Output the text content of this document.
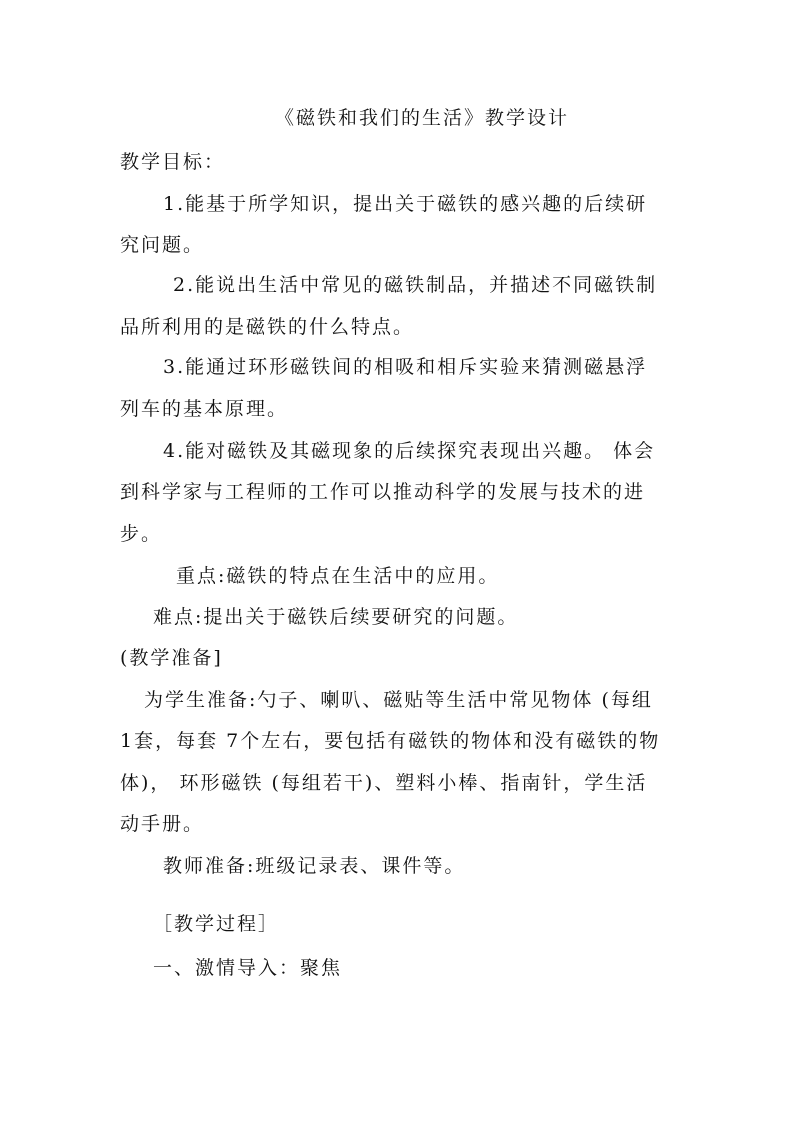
《磁铁和我们的生活》教学设计
教学目标：
1.能基于所学知识，提出关于磁铁的感兴趣的后续研
究问题。
2.能说出生活中常见的磁铁制品，并描述不同磁铁制
品所利用的是磁铁的什么特点。
3.能通过环形磁铁间的相吸和相斥实验来猜测磁悬浮
列车的基本原理。
4.能对磁铁及其磁现象的后续探究表现出兴趣。 体会
到科学家与工程师的工作可以推动科学的发展与技术的进
步。
重点:磁铁的特点在生活中的应用。
难点:提出关于磁铁后续要研究的问题。
(教学准备]
为学生准备:勺子、喇叭、磁贴等生活中常见物体 (每组
1套，每套 7个左右，要包括有磁铁的物体和没有磁铁的物
体)， 环形磁铁 (每组若干)、塑料小棒、指南针，学生活
动手册。
教师准备:班级记录表、课件等。
［教学过程］
一、激情导入：聚焦
